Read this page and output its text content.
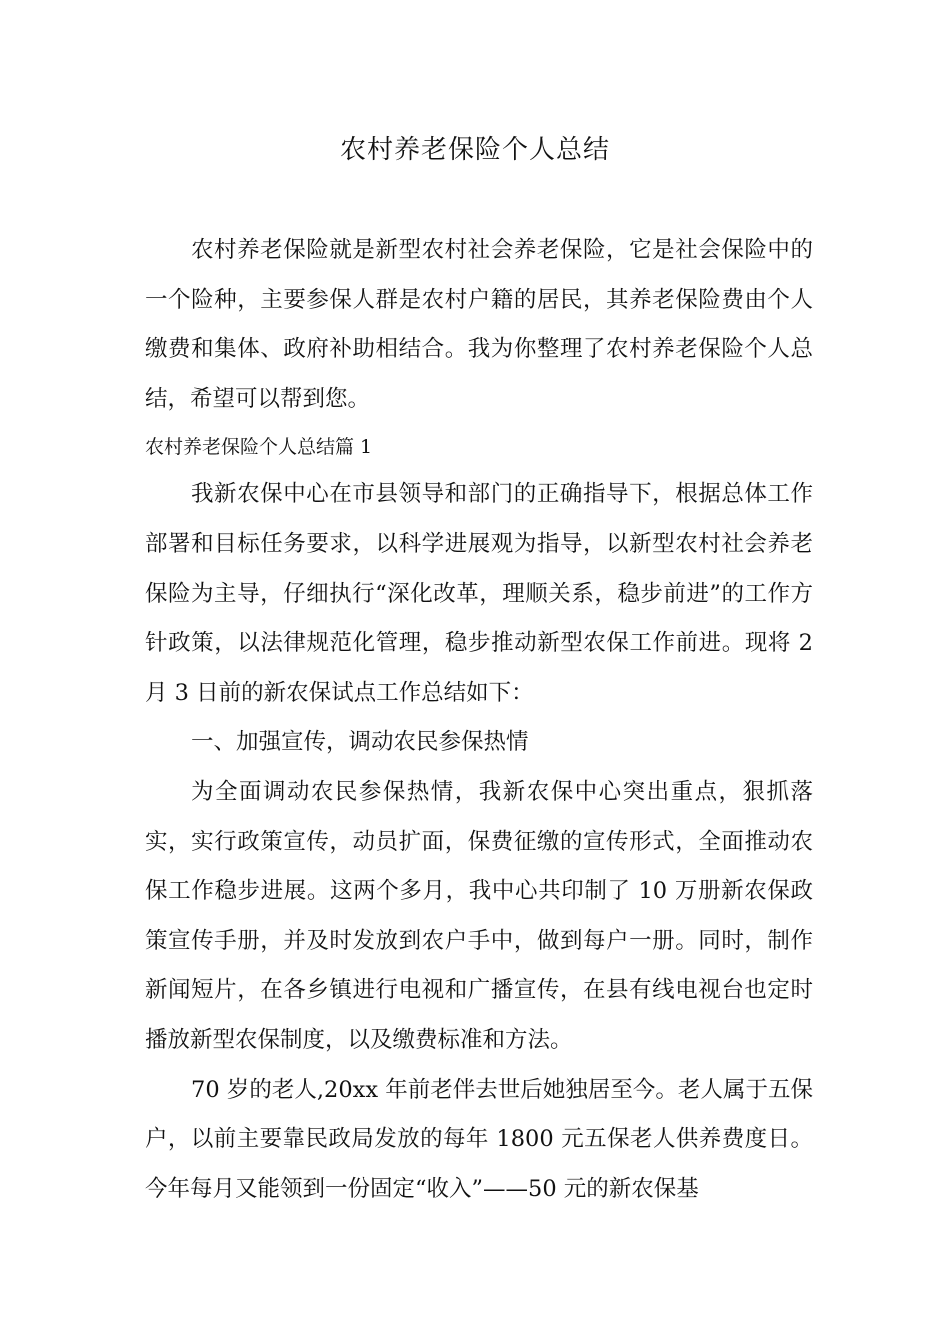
农村养老保险个人总结

农村养老保险就是新型农村社会养老保险，它是社会保险中的一个险种，主要参保人群是农村户籍的居民，其养老保险费由个人缴费和集体、政府补助相结合。我为你整理了农村养老保险个人总结，希望可以帮到您。

农村养老保险个人总结篇 1

我新农保中心在市县领导和部门的正确指导下，根据总体工作部署和目标任务要求，以科学进展观为指导，以新型农村社会养老保险为主导，仔细执行“深化改革，理顺关系，稳步前进”的工作方针政策，以法律规范化管理，稳步推动新型农保工作前进。现将 2 月 3 日前的新农保试点工作总结如下：

一、加强宣传，调动农民参保热情

为全面调动农民参保热情，我新农保中心突出重点，狠抓落实，实行政策宣传，动员扩面，保费征缴的宣传形式，全面推动农保工作稳步进展。这两个多月，我中心共印制了 10 万册新农保政策宣传手册，并及时发放到农户手中，做到每户一册。同时，制作新闻短片，在各乡镇进行电视和广播宣传，在县有线电视台也定时播放新型农保制度，以及缴费标准和方法。

70 岁的老人,20xx 年前老伴去世后她独居至今。老人属于五保户，以前主要靠民政局发放的每年 1800 元五保老人供养费度日。今年每月又能领到一份固定“收入”——50 元的新农保基
